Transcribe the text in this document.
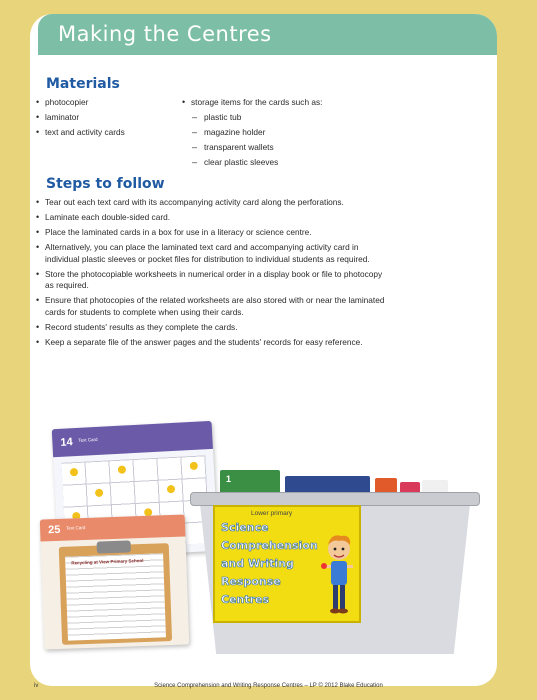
Making the Centres
Materials
• photocopier
• laminator
• text and activity cards
• storage items for the cards such as:
– plastic tub
– magazine holder
– transparent wallets
– clear plastic sleeves
Steps to follow
• Tear out each text card with its accompanying activity card along the perforations.
• Laminate each double-sided card.
• Place the laminated cards in a box for use in a literacy or science centre.
• Alternatively, you can place the laminated text card and accompanying activity card in individual plastic sleeves or pocket files for distribution to individual students as required.
• Store the photocopiable worksheets in numerical order in a display book or file to photocopy as required.
• Ensure that photocopies of the related worksheets are also stored with or near the laminated cards for students to complete when using their cards.
• Record students' results as they complete the cards.
• Keep a separate file of the answer pages and the students' records for easy reference.
14 Text Card
1
Lower primary
Science
Comprehension
and Writing
Response
Centres
25 Text Card
Recycling at View Primary School
Science Comprehension and Writing Response Centres – LP © 2012 Blake Education
iv
